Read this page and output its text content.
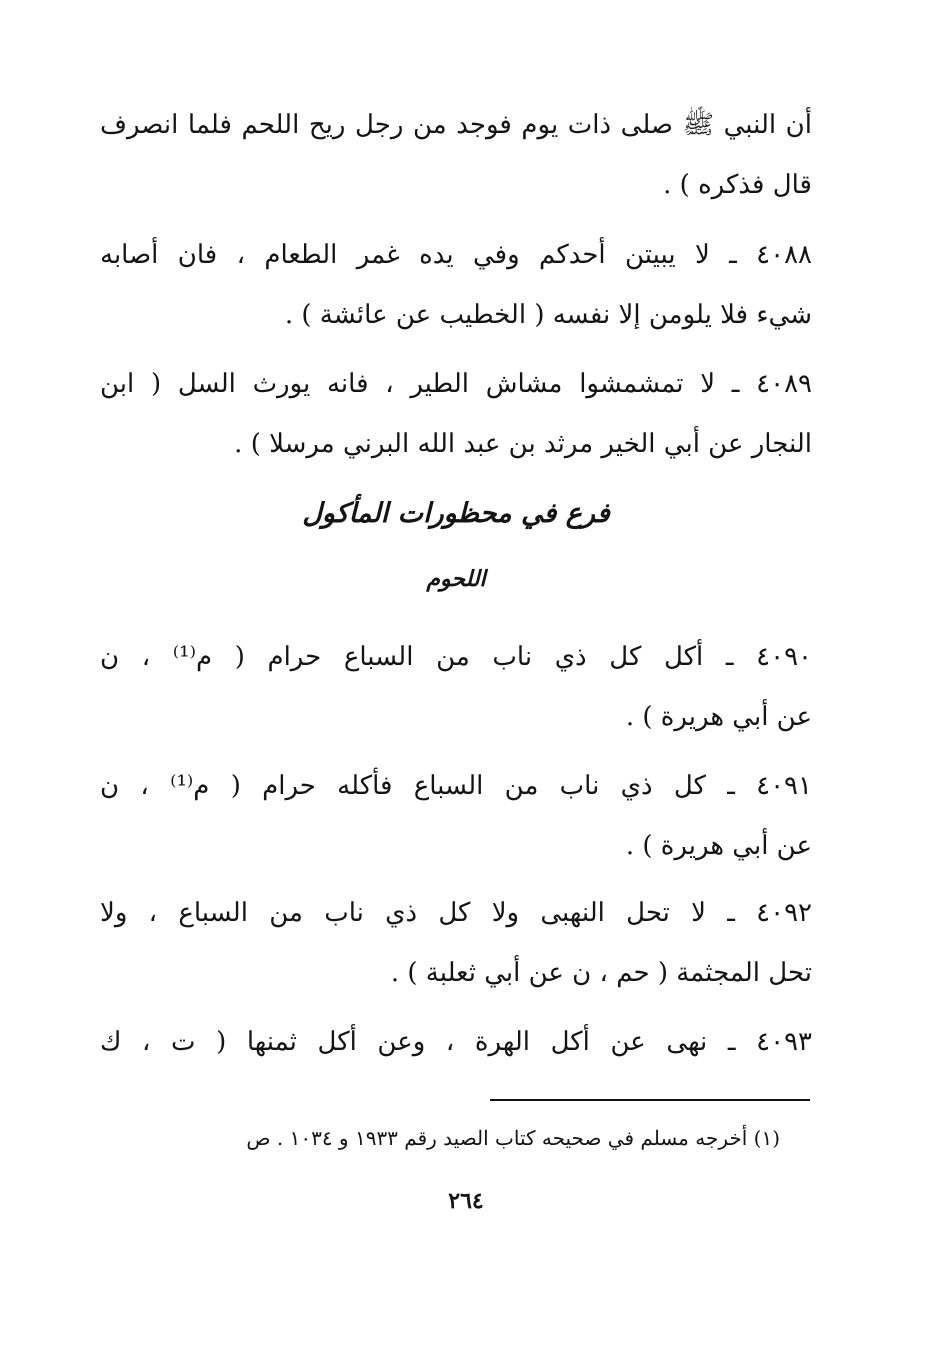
أن النبي ﷺ صلى ذات يوم فوجد من رجل ريح اللحم فلما انصرف
قال فذكره ) .
٤٠٨٨ ـ لا يبيتن أحدكم وفي يده غمر الطعام ، فان أصابه
شيء فلا يلومن إلا نفسه ( الخطيب عن عائشة ) .
٤٠٨٩ ـ لا تمشمشوا مشاش الطير ، فانه يورث السل ( ابن
النجار عن أبي الخير مرثد بن عبد الله البرني مرسلا ) .
فرع في محظورات المأكول
اللحوم
٤٠٩٠ ـ أكل كل ذي ناب من السباع حرام ( م⁽¹⁾ ، ن
عن أبي هريرة ) .
٤٠٩١ ـ كل ذي ناب من السباع فأكله حرام ( م⁽¹⁾ ، ن
عن أبي هريرة ) .
٤٠٩٢ ـ لا تحل النهبى ولا كل ذي ناب من السباع ، ولا
تحل المجثمة ( حم ، ن عن أبي ثعلبة ) .
٤٠٩٣ ـ نهى عن أكل الهرة ، وعن أكل ثمنها ( ت ، ك
(١) أخرجه مسلم في صحيحه كتاب الصيد رقم ١٩٣٣ و ١٠٣٤ . ص
٢٦٤
